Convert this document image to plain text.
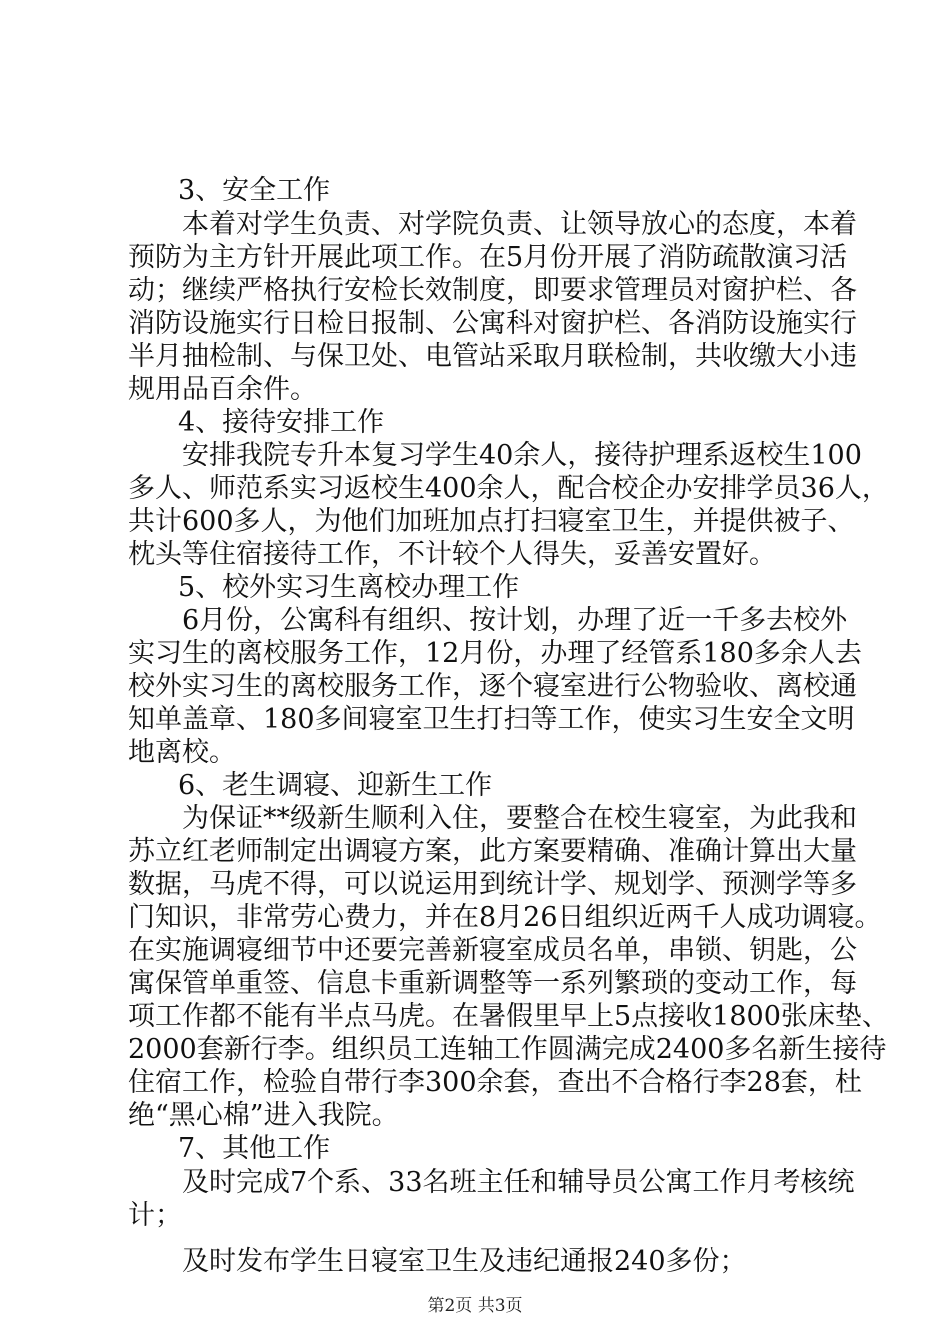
3、安全工作
本着对学生负责、对学院负责、让领导放心的态度，本着
预防为主方针开展此项工作。在5月份开展了消防疏散演习活
动；继续严格执行安检长效制度，即要求管理员对窗护栏、各
消防设施实行日检日报制、公寓科对窗护栏、各消防设施实行
半月抽检制、与保卫处、电管站采取月联检制，共收缴大小违
规用品百余件。
4、接待安排工作
安排我院专升本复习学生40余人，接待护理系返校生100
多人、师范系实习返校生400余人，配合校企办安排学员36人，
共计600多人，为他们加班加点打扫寝室卫生，并提供被子、
枕头等住宿接待工作，不计较个人得失，妥善安置好。
5、校外实习生离校办理工作
6月份，公寓科有组织、按计划，办理了近一千多去校外
实习生的离校服务工作，12月份，办理了经管系180多余人去
校外实习生的离校服务工作，逐个寝室进行公物验收、离校通
知单盖章、180多间寝室卫生打扫等工作，使实习生安全文明
地离校。
6、老生调寝、迎新生工作
为保证**级新生顺利入住，要整合在校生寝室，为此我和
苏立红老师制定出调寝方案，此方案要精确、准确计算出大量
数据，马虎不得，可以说运用到统计学、规划学、预测学等多
门知识，非常劳心费力，并在8月26日组织近两千人成功调寝。
在实施调寝细节中还要完善新寝室成员名单，串锁、钥匙，公
寓保管单重签、信息卡重新调整等一系列繁琐的变动工作，每
项工作都不能有半点马虎。在暑假里早上5点接收1800张床垫、
2000套新行李。组织员工连轴工作圆满完成2400多名新生接待
住宿工作，检验自带行李300余套，查出不合格行李28套，杜
绝“黑心棉”进入我院。
7、其他工作
及时完成7个系、33名班主任和辅导员公寓工作月考核统
计；
及时发布学生日寝室卫生及违纪通报240多份；
第2页 共3页
